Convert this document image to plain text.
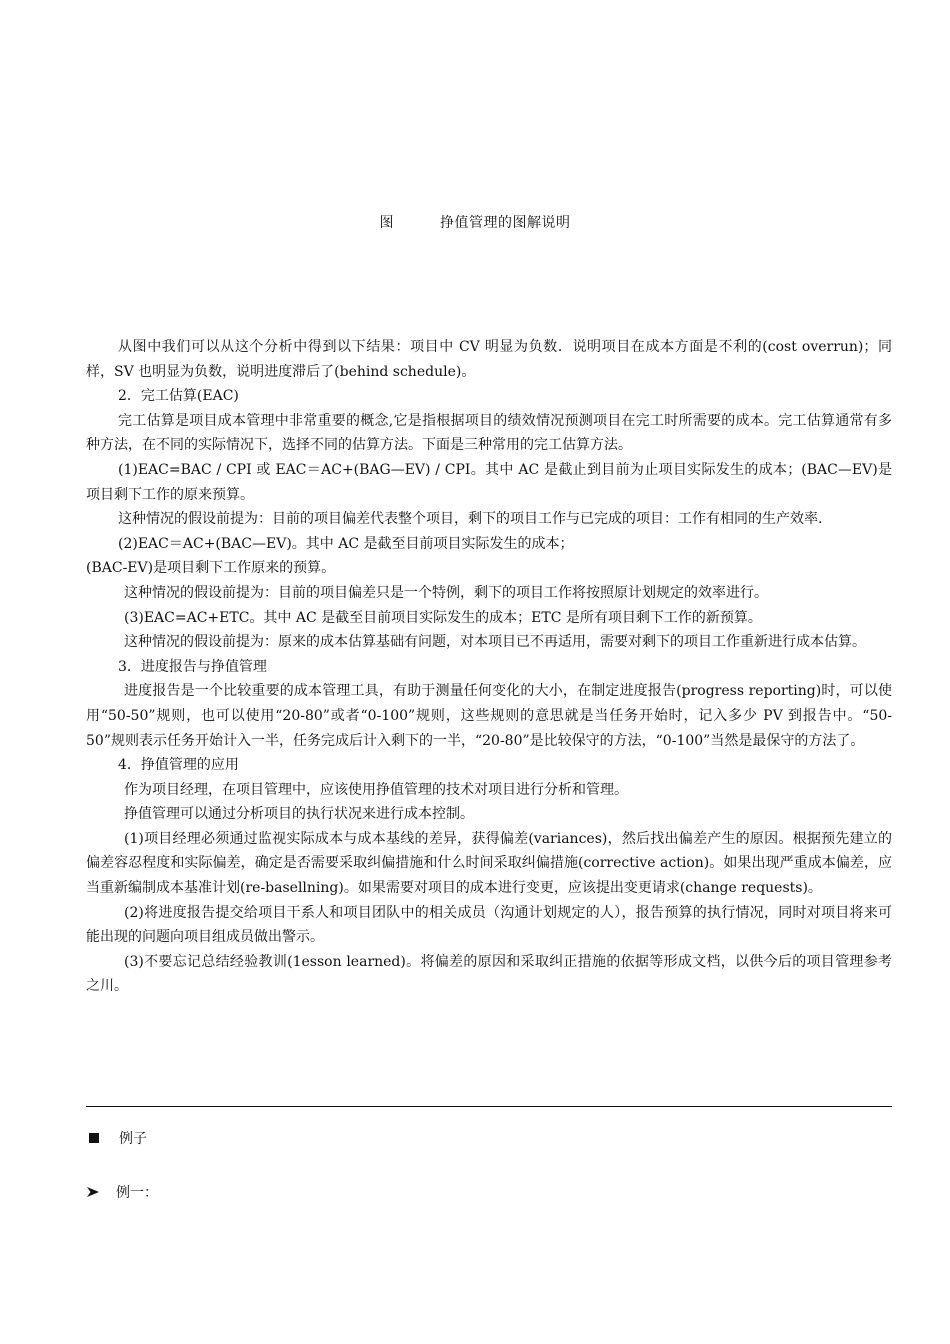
图	挣值管理的图解说明

从图中我们可以从这个分析中得到以下结果：项目中 CV 明显为负数．说明项目在成本方面是不利的(cost overrun)；同样，SV 也明显为负数，说明进度滞后了(behind schedule)。

2．完工估算(EAC)

完工估算是项目成本管理中非常重要的概念,它是指根据项目的绩效情况预测项目在完工时所需要的成本。完工估算通常有多种方法，在不同的实际情况下，选择不同的估算方法。下面是三种常用的完工估算方法。

(1)EAC=BAC / CPI 或 EAC＝AC+(BAG—EV) / CPI。其中 AC 是截止到目前为止项目实际发生的成本；(BAC—EV)是项目剩下工作的原来预算。

这种情况的假设前提为：目前的项目偏差代表整个项目，剩下的项目工作与已完成的项目：工作有相同的生产效率.

(2)EAC＝AC+(BAC—EV)。其中 AC 是截至目前项目实际发生的成本；

(BAC-EV)是项目剩下工作原来的预算。

这种情况的假设前提为：目前的项目偏差只是一个特例，剩下的项目工作将按照原计划规定的效率进行。

(3)EAC=AC+ETC。其中 AC 是截至目前项目实际发生的成本；ETC 是所有项目剩下工作的新预算。

这种情况的假设前提为：原来的成本估算基础有问题，对本项目已不再适用，需要对剩下的项目工作重新进行成本估算。

3．进度报告与挣值管理

进度报告是一个比较重要的成本管理工具，有助于测量任何变化的大小，在制定进度报告(progress reporting)时，可以使用“50-50”规则，也可以使用“20-80”或者“0-100”规则，这些规则的意思就是当任务开始时，记入多少 PV 到报告中。“50-50”规则表示任务开始计入一半，任务完成后计入剩下的一半，“20-80”是比较保守的方法，“0-100”当然是最保守的方法了。

4．挣值管理的应用

作为项目经理，在项目管理中，应该使用挣值管理的技术对项目进行分析和管理。

挣值管理可以通过分析项目的执行状况来进行成本控制。

(1)项目经理必须通过监视实际成本与成本基线的差异，获得偏差(variances)，然后找出偏差产生的原因。根据预先建立的偏差容忍程度和实际偏差，确定是否需要采取纠偏措施和什么时间采取纠偏措施(corrective action)。如果出现严重成本偏差，应当重新编制成本基准计划(re-basellning)。如果需要对项目的成本进行变更，应该提出变更请求(change requests)。

(2)将进度报告提交给项目干系人和项目团队中的相关成员（沟通计划规定的人），报告预算的执行情况，同时对项目将来可能出现的问题向项目组成员做出警示。

(3)不要忘记总结经验教训(1esson learned)。将偏差的原因和采取纠正措施的依据等形成文档，以供今后的项目管理参考之川。

例子
例一：
